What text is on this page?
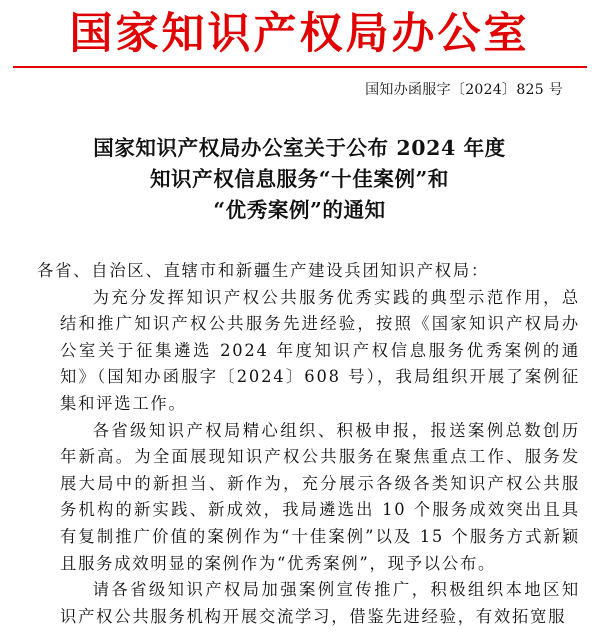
国家知识产权局办公室
国知办函服字〔2024〕825 号
国家知识产权局办公室关于公布 2024 年度
知识产权信息服务“十佳案例”和
“优秀案例”的通知

各省、自治区、直辖市和新疆生产建设兵团知识产权局：

为充分发挥知识产权公共服务优秀实践的典型示范作用，总结和推广知识产权公共服务先进经验，按照《国家知识产权局办公室关于征集遴选 2024 年度知识产权信息服务优秀案例的通知》（国知办函服字〔2024〕608 号），我局组织开展了案例征集和评选工作。

各省级知识产权局精心组织、积极申报，报送案例总数创历年新高。为全面展现知识产权公共服务在聚焦重点工作、服务发展大局中的新担当、新作为，充分展示各级各类知识产权公共服务机构的新实践、新成效，我局遴选出 10 个服务成效突出且具有复制推广价值的案例作为“十佳案例”以及 15 个服务方式新颖且服务成效明显的案例作为“优秀案例”，现予以公布。

请各省级知识产权局加强案例宣传推广，积极组织本地区知识产权公共服务机构开展交流学习，借鉴先进经验，有效拓宽服
